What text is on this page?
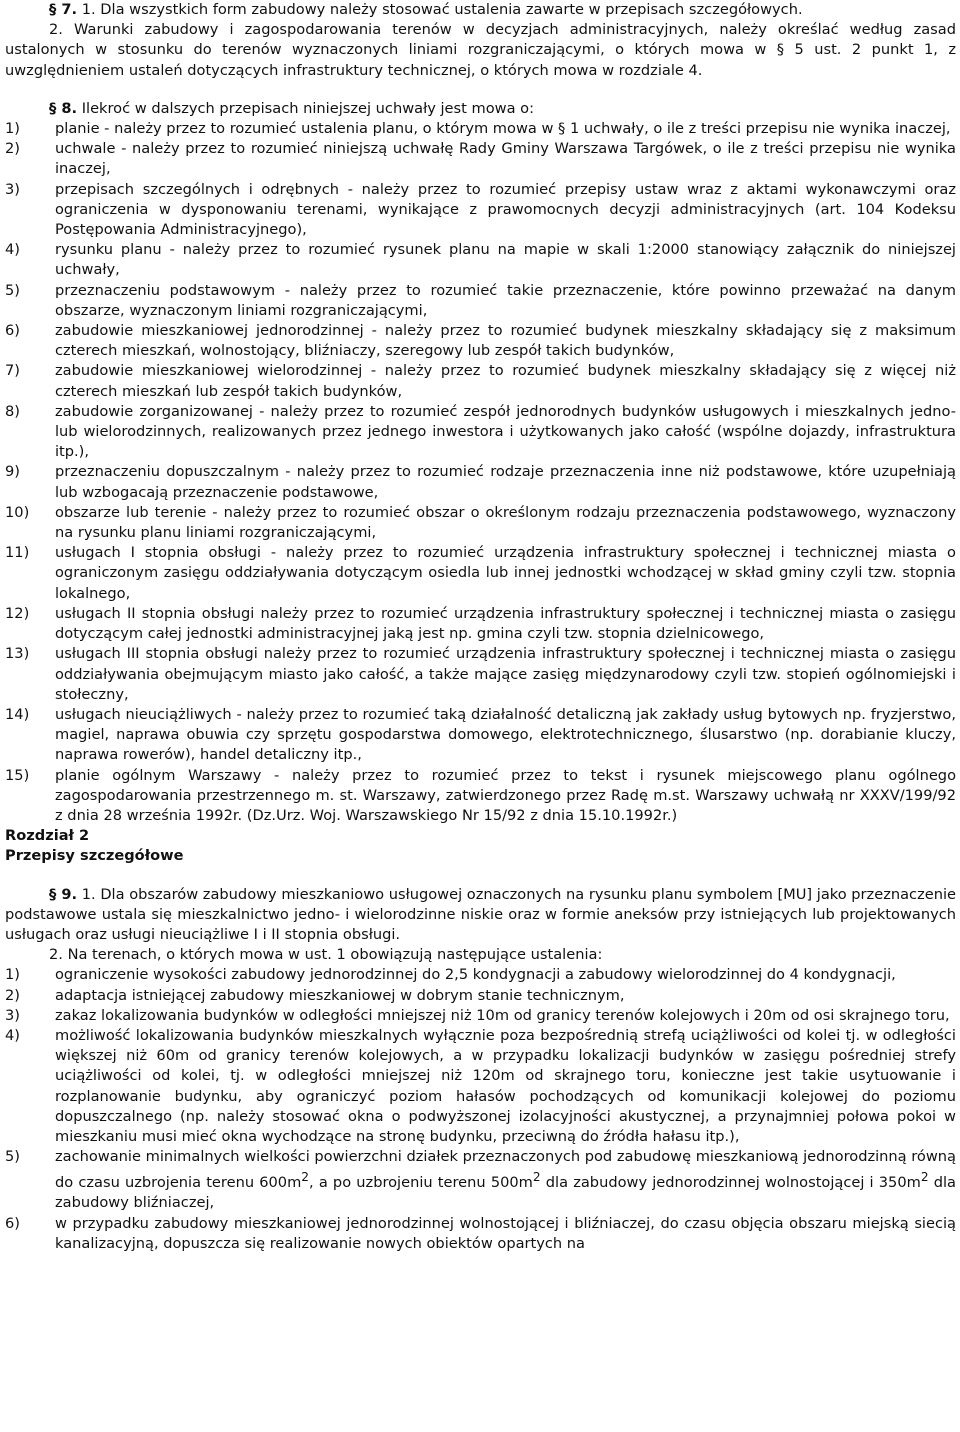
§ 7. 1. Dla wszystkich form zabudowy należy stosować ustalenia zawarte w przepisach szczegółowych.

2. Warunki zabudowy i zagospodarowania terenów w decyzjach administracyjnych, należy określać według zasad ustalonych w stosunku do terenów wyznaczonych liniami rozgraniczającymi, o których mowa w § 5 ust. 2 punkt 1, z uwzględnieniem ustaleń dotyczących infrastruktury technicznej, o których mowa w rozdziale 4.

§ 8. Ilekroć w dalszych przepisach niniejszej uchwały jest mowa o:

1)	planie - należy przez to rozumieć ustalenia planu, o którym mowa w § 1 uchwały, o ile z treści przepisu nie wynika inaczej,
2)	uchwale - należy przez to rozumieć niniejszą uchwałę Rady Gminy Warszawa Targówek, o ile z treści przepisu nie wynika inaczej,
3)	przepisach szczególnych i odrębnych - należy przez to rozumieć przepisy ustaw wraz z aktami wykonawczymi oraz ograniczenia w dysponowaniu terenami, wynikające z prawomocnych decyzji administracyjnych (art. 104 Kodeksu Postępowania Administracyjnego),
4)	rysunku planu - należy przez to rozumieć rysunek planu na mapie w skali 1:2000 stanowiący załącznik do niniejszej uchwały,
5)	przeznaczeniu podstawowym - należy przez to rozumieć takie przeznaczenie, które powinno przeważać na danym obszarze, wyznaczonym liniami rozgraniczającymi,
6)	zabudowie mieszkaniowej jednorodzinnej - należy przez to rozumieć budynek mieszkalny składający się z maksimum czterech mieszkań, wolnostojący, bliźniaczy, szeregowy lub zespół takich budynków,
7)	zabudowie mieszkaniowej wielorodzinnej - należy przez to rozumieć budynek mieszkalny składający się z więcej niż czterech mieszkań lub zespół takich budynków,
8)	zabudowie zorganizowanej - należy przez to rozumieć zespół jednorodnych budynków usługowych i mieszkalnych jedno- lub wielorodzinnych, realizowanych przez jednego inwestora i użytkowanych jako całość (wspólne dojazdy, infrastruktura itp.),
9)	przeznaczeniu dopuszczalnym - należy przez to rozumieć rodzaje przeznaczenia inne niż podstawowe, które uzupełniają lub wzbogacają przeznaczenie podstawowe,
10)	obszarze lub terenie - należy przez to rozumieć obszar o określonym rodzaju przeznaczenia podstawowego, wyznaczony na rysunku planu liniami rozgraniczającymi,
11)	usługach I stopnia obsługi - należy przez to rozumieć urządzenia infrastruktury społecznej i technicznej miasta o ograniczonym zasięgu oddziaływania dotyczącym osiedla lub innej jednostki wchodzącej w skład gminy czyli tzw. stopnia lokalnego,
12)	usługach II stopnia obsługi należy przez to rozumieć urządzenia infrastruktury społecznej i technicznej miasta o zasięgu dotyczącym całej jednostki administracyjnej jaką jest np. gmina czyli tzw. stopnia dzielnicowego,
13)	usługach III stopnia obsługi należy przez to rozumieć urządzenia infrastruktury społecznej i technicznej miasta o zasięgu oddziaływania obejmującym miasto jako całość, a także mające zasięg międzynarodowy czyli tzw. stopień ogólnomiejski i stołeczny,
14)	usługach nieuciążliwych - należy przez to rozumieć taką działalność detaliczną jak zakłady usług bytowych np. fryzjerstwo, magiel, naprawa obuwia czy sprzętu gospodarstwa domowego, elektrotechnicznego, ślusarstwo (np. dorabianie kluczy, naprawa rowerów), handel detaliczny itp.,
15)	planie ogólnym Warszawy - należy przez to rozumieć przez to tekst i rysunek miejscowego planu ogólnego zagospodarowania przestrzennego m. st. Warszawy, zatwierdzonego przez Radę m.st. Warszawy uchwałą nr XXXV/199/92 z dnia 28 września 1992r. (Dz.Urz. Woj. Warszawskiego Nr 15/92 z dnia 15.10.1992r.)
Rozdział 2
Przepisy szczegółowe

§ 9. 1. Dla obszarów zabudowy mieszkaniowo usługowej oznaczonych na rysunku planu symbolem [MU] jako przeznaczenie podstawowe ustala się mieszkalnictwo jedno- i wielorodzinne niskie oraz w formie aneksów przy istniejących lub projektowanych usługach oraz usługi nieuciążliwe I i II stopnia obsługi.

2. Na terenach, o których mowa w ust. 1 obowiązują następujące ustalenia:

1)	ograniczenie wysokości zabudowy jednorodzinnej do 2,5 kondygnacji a zabudowy wielorodzinnej do 4 kondygnacji,
2)	adaptacja istniejącej zabudowy mieszkaniowej w dobrym stanie technicznym,
3)	zakaz lokalizowania budynków w odległości mniejszej niż 10m od granicy terenów kolejowych i 20m od osi skrajnego toru,
4)	możliwość lokalizowania budynków mieszkalnych wyłącznie poza bezpośrednią strefą uciążliwości od kolei tj. w odległości większej niż 60m od granicy terenów kolejowych, a w przypadku lokalizacji budynków w zasięgu pośredniej strefy uciążliwości od kolei, tj. w odległości mniejszej niż 120m od skrajnego toru, konieczne jest takie usytuowanie i rozplanowanie budynku, aby ograniczyć poziom hałasów pochodzących od komunikacji kolejowej do poziomu dopuszczalnego (np. należy stosować okna o podwyższonej izolacyjności akustycznej, a przynajmniej połowa pokoi w mieszkaniu musi mieć okna wychodzące na stronę budynku, przeciwną do źródła hałasu itp.),
5)	zachowanie minimalnych wielkości powierzchni działek przeznaczonych pod zabudowę mieszkaniową jednorodzinną równą do czasu uzbrojenia terenu $600m^2$, a po uzbrojeniu terenu $500m^2$ dla zabudowy jednorodzinnej wolnostojącej i $350m^2$ dla zabudowy bliźniaczej,
6)	w przypadku zabudowy mieszkaniowej jednorodzinnej wolnostojącej i bliźniaczej, do czasu objęcia obszaru miejską siecią kanalizacyjną, dopuszcza się realizowanie nowych obiektów opartych na
